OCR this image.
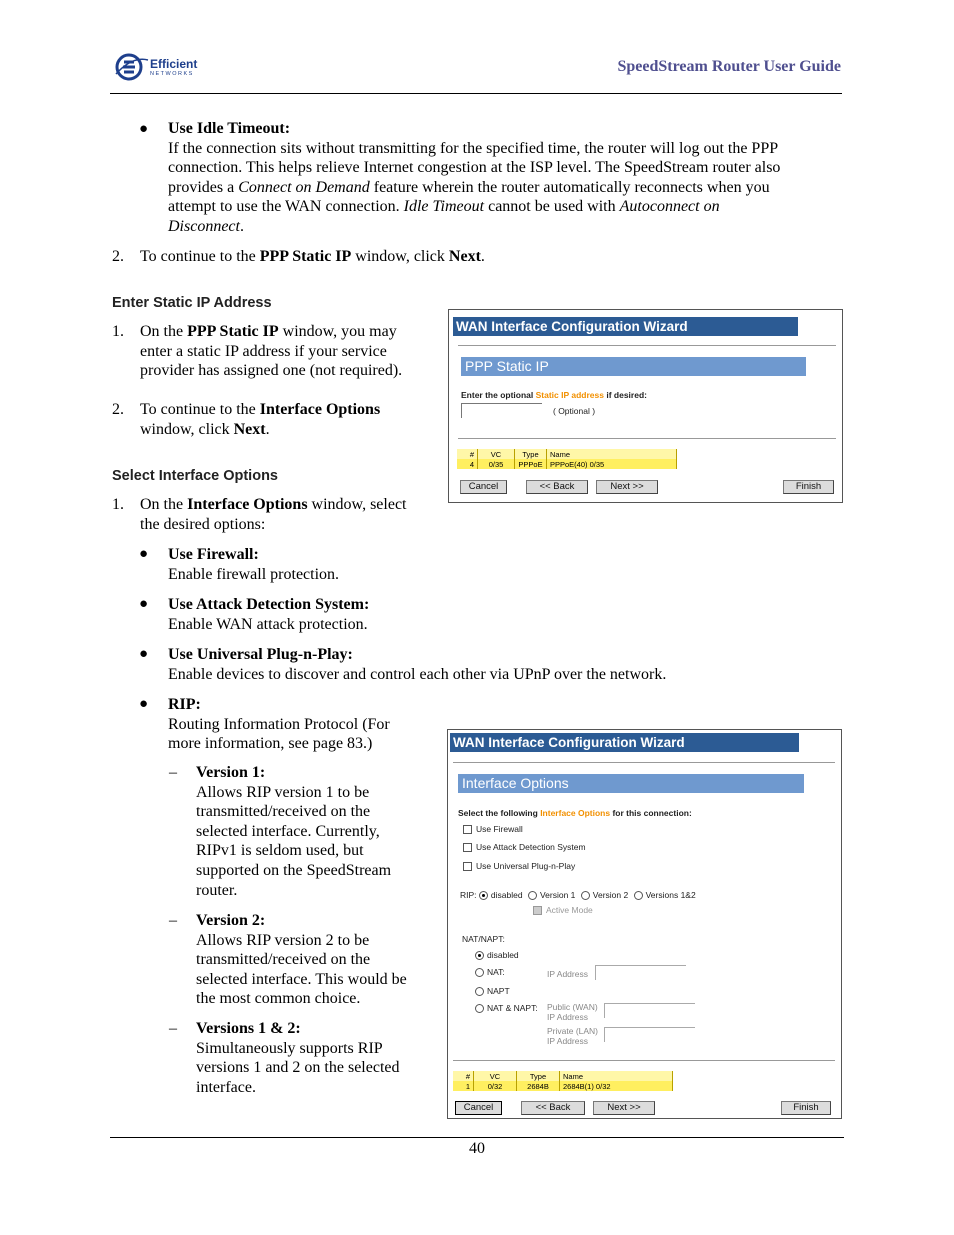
Efficient
NETWORKS	SpeedStream Router User Guide
● Use Idle Timeout:

If the connection sits without transmitting for the specified time, the router will log out the PPP

connection. This helps relieve Internet congestion at the ISP level. The SpeedStream router also

provides a Connect on Demand feature wherein the router automatically reconnects when you

attempt to use the WAN connection. Idle Timeout cannot be used with Autoconnect on

Disconnect.

2. To continue to the PPP Static IP window, click Next.
Enter Static IP Address
1. On the PPP Static IP window, you may

enter a static IP address if your service

provider has assigned one (not required).

2. To continue to the Interface Options

window, click Next.

WAN Interface Configuration Wizard
PPP Static IP
Enter the optional Static IP address if desired:
( Optional )
#	VC	Type	Name
4	0/35	PPPoE	PPPoE(40) 0/35
Cancel	<< Back	Next >>	Finish
Select Interface Options
1. On the Interface Options window, select

the desired options:

● Use Firewall:

Enable firewall protection.

● Use Attack Detection System:

Enable WAN attack protection.

● Use Universal Plug-n-Play:

Enable devices to discover and control each other via UPnP over the network.

● RIP:

Routing Information Protocol (For

more information, see page 83.)

– Version 1:

Allows RIP version 1 to be

transmitted/received on the

selected interface. Currently,

RIPv1 is seldom used, but

supported on the SpeedStream

router.

– Version 2:

Allows RIP version 2 to be

transmitted/received on the

selected interface. This would be

the most common choice.

– Versions 1 & 2:

Simultaneously supports RIP

versions 1 and 2 on the selected

interface.

WAN Interface Configuration Wizard
Interface Options
Select the following Interface Options for this connection:
Use Firewall
Use Attack Detection System
Use Universal Plug-n-Play
RIP: disabled Version 1 Version 2 Versions 1&2
Active Mode
NAT/NAPT:
disabled
NAT:
NAPT
NAT & NAPT:
IP Address
Public (WAN)
IP Address
Private (LAN)
IP Address
#	VC	Type	Name
1	0/32	2684B	2684B(1) 0/32
Cancel	<< Back	Next >>	Finish
40
